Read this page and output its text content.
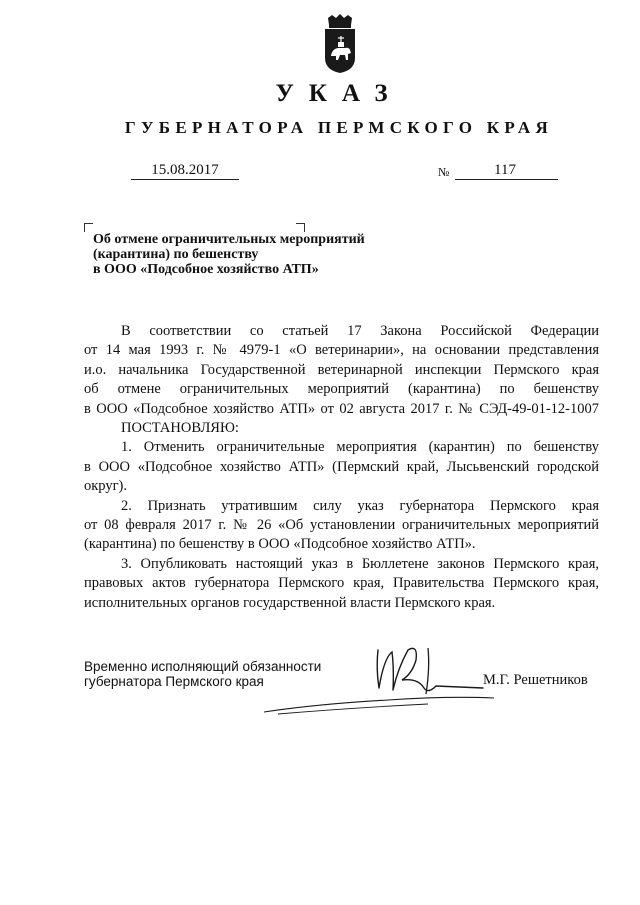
УКАЗ
ГУБЕРНАТОРА ПЕРМСКОГО КРАЯ
15.08.2017	№	117
Об отмене ограничительных мероприятий
(карантина) по бешенству
в ООО «Подсобное хозяйство АТП»
В соответствии со статьей 17 Закона Российской Федерации
от 14 мая 1993 г. № 4979-1 «О ветеринарии», на основании представления
и.о. начальника Государственной ветеринарной инспекции Пермского края
об отмене ограничительных мероприятий (карантина) по бешенству
в ООО «Подсобное хозяйство АТП» от 02 августа 2017 г. № СЭД-49-01-12-1007
ПОСТАНОВЛЯЮ:
1. Отменить ограничительные мероприятия (карантин) по бешенству
в ООО «Подсобное хозяйство АТП» (Пермский край, Лысьвенский городской
округ).
2. Признать утратившим силу указ губернатора Пермского края
от 08 февраля 2017 г. № 26 «Об установлении ограничительных мероприятий
(карантина) по бешенству в ООО «Подсобное хозяйство АТП».
3. Опубликовать настоящий указ в Бюллетене законов Пермского края,
правовых актов губернатора Пермского края, Правительства Пермского края,
исполнительных органов государственной власти Пермского края.
Временно исполняющий обязанности
губернатора Пермского края	М.Г. Решетников
